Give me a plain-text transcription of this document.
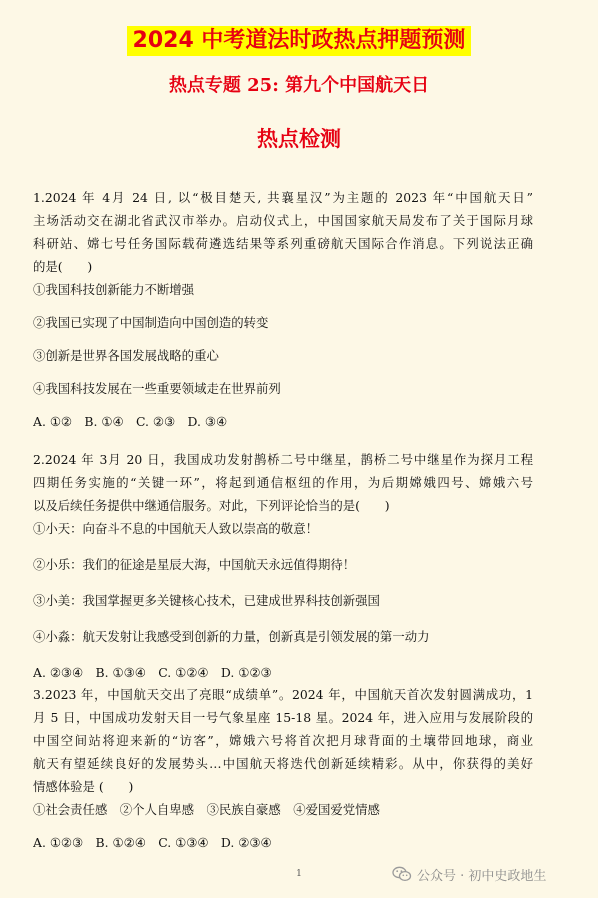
2024 中考道法时政热点押题预测
热点专题 25: 第九个中国航天日
热点检测
1.2024 年 4月 24 日, 以“极目楚天, 共襄星汉”为主题的 2023 年“中国航天日”
主场活动交在湖北省武汉市举办。启动仪式上，中国国家航天局发布了关于国际月球
科研站、嫦七号任务国际载荷遴选结果等系列重磅航天国际合作消息。下列说法正确
的是(　　)
①我国科技创新能力不断增强
②我国已实现了中国制造向中国创造的转变
③创新是世界各国发展战略的重心
④我国科技发展在一些重要领域走在世界前列
A. ①②　B. ①④　C. ②③　D. ③④
2.2024 年 3月 20 日，我国成功发射鹊桥二号中继星，鹊桥二号中继星作为探月工程
四期任务实施的“关键一环”，将起到通信枢纽的作用，为后期嫦娥四号、嫦娥六号
以及后续任务提供中继通信服务。对此，下列评论恰当的是(　　)
①小天：向奋斗不息的中国航天人致以崇高的敬意！
②小乐：我们的征途是星辰大海，中国航天永远值得期待！
③小美：我国掌握更多关键核心技术，已建成世界科技创新强国
④小淼：航天发射让我感受到创新的力量，创新真是引领发展的第一动力
A. ②③④　B. ①③④　C. ①②④　D. ①②③
3.2023 年，中国航天交出了亮眼“成绩单”。2024 年，中国航天首次发射圆满成功，1
月 5 日，中国成功发射天目一号气象星座 15-18 星。2024 年，进入应用与发展阶段的
中国空间站将迎来新的“访客”，嫦娥六号将首次把月球背面的土壤带回地球，商业
航天有望延续良好的发展势头…中国航天将迭代创新延续精彩。从中，你获得的美好
情感体验是 (　　)
①社会责任感　②个人自卑感　③民族自豪感　④爱国爱党情感
A. ①②③　B. ①②④　C. ①③④　D. ②③④
1	公众号 · 初中史政地生
